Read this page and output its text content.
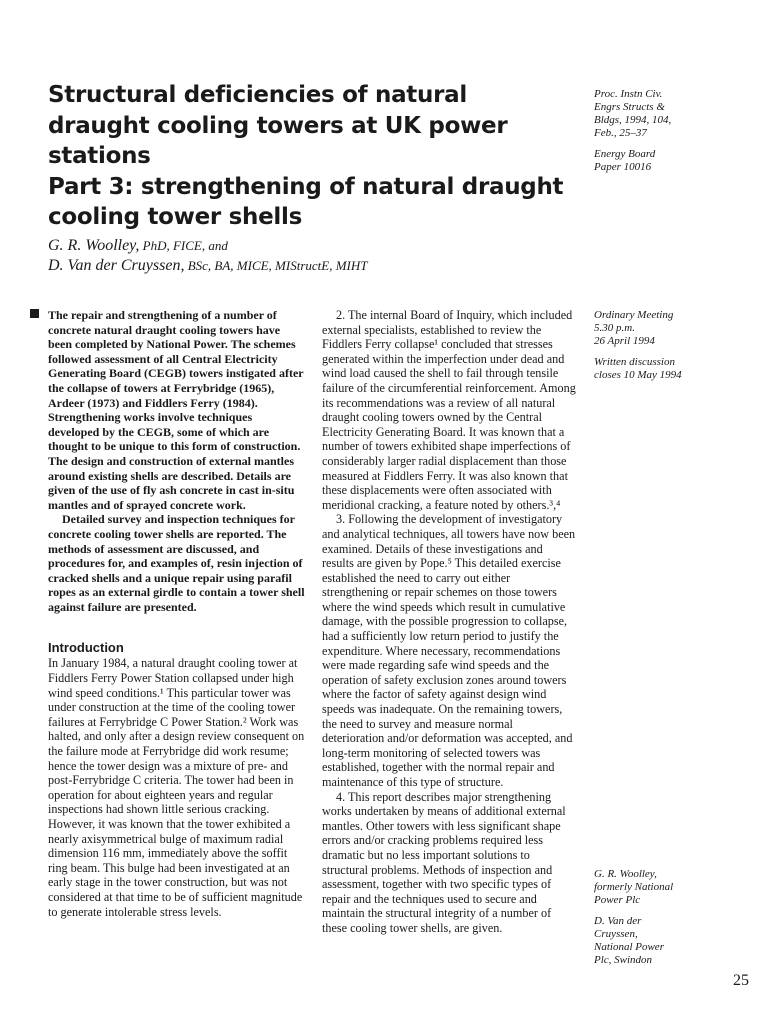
Structural deficiencies of natural
draught cooling towers at UK power
stations
Part 3: strengthening of natural draught
cooling tower shells
G. R. Woolley, PhD, FICE, and
D. Van der Cruyssen, BSc, BA, MICE, MIStructE, MIHT

Proc. Instn Civ.
Engrs Structs &
Bldgs, 1994, 104,
Feb., 25–37

Energy Board
Paper 10016

Ordinary Meeting
5.30 p.m.
26 April 1994

Written discussion
closes 10 May 1994

G. R. Woolley,
formerly National
Power Plc

D. Van der
Cruyssen,
National Power
Plc, Swindon

The repair and strengthening of a number of concrete natural draught cooling towers have been completed by National Power. The schemes followed assessment of all Central Electricity Generating Board (CEGB) towers instigated after the collapse of towers at Ferrybridge (1965), Ardeer (1973) and Fiddlers Ferry (1984). Strengthening works involve techniques developed by the CEGB, some of which are thought to be unique to this form of construction. The design and construction of external mantles around existing shells are described. Details are given of the use of fly ash concrete in cast in-situ mantles and of sprayed concrete work.

Detailed survey and inspection techniques for concrete cooling tower shells are reported. The methods of assessment are discussed, and procedures for, and examples of, resin injection of cracked shells and a unique repair using parafil ropes as an external girdle to contain a tower shell against failure are presented.

Introduction

In January 1984, a natural draught cooling tower at Fiddlers Ferry Power Station collapsed under high wind speed conditions.¹ This particular tower was under construction at the time of the cooling tower failures at Ferrybridge C Power Station.² Work was halted, and only after a design review consequent on the failure mode at Ferrybridge did work resume; hence the tower design was a mixture of pre- and post-Ferrybridge C criteria. The tower had been in operation for about eighteen years and regular inspections had shown little serious cracking. However, it was known that the tower exhibited a nearly axisymmetrical bulge of maximum radial dimension 116 mm, immediately above the soffit ring beam. This bulge had been investigated at an early stage in the tower construction, but was not considered at that time to be of sufficient magnitude to generate intolerable stress levels.

2. The internal Board of Inquiry, which included external specialists, established to review the Fiddlers Ferry collapse¹ concluded that stresses generated within the imperfection under dead and wind load caused the shell to fail through tensile failure of the circumferential reinforcement. Among its recommendations was a review of all natural draught cooling towers owned by the Central Electricity Generating Board. It was known that a number of towers exhibited shape imperfections of considerably larger radial displacement than those measured at Fiddlers Ferry. It was also known that these displacements were often associated with meridional cracking, a feature noted by others.³,⁴

3. Following the development of investigatory and analytical techniques, all towers have now been examined. Details of these investigations and results are given by Pope.⁵ This detailed exercise established the need to carry out either strengthening or repair schemes on those towers where the wind speeds which result in cumulative damage, with the possible progression to collapse, had a sufficiently low return period to justify the expenditure. Where necessary, recommendations were made regarding safe wind speeds and the operation of safety exclusion zones around towers where the factor of safety against design wind speeds was inadequate. On the remaining towers, the need to survey and measure normal deterioration and/or deformation was accepted, and long-term monitoring of selected towers was established, together with the normal repair and maintenance of this type of structure.

4. This report describes major strengthening works undertaken by means of additional external mantles. Other towers with less significant shape errors and/or cracking problems required less dramatic but no less important solutions to structural problems. Methods of inspection and assessment, together with two specific types of repair and the techniques used to secure and maintain the structural integrity of a number of these cooling tower shells, are given.

25
